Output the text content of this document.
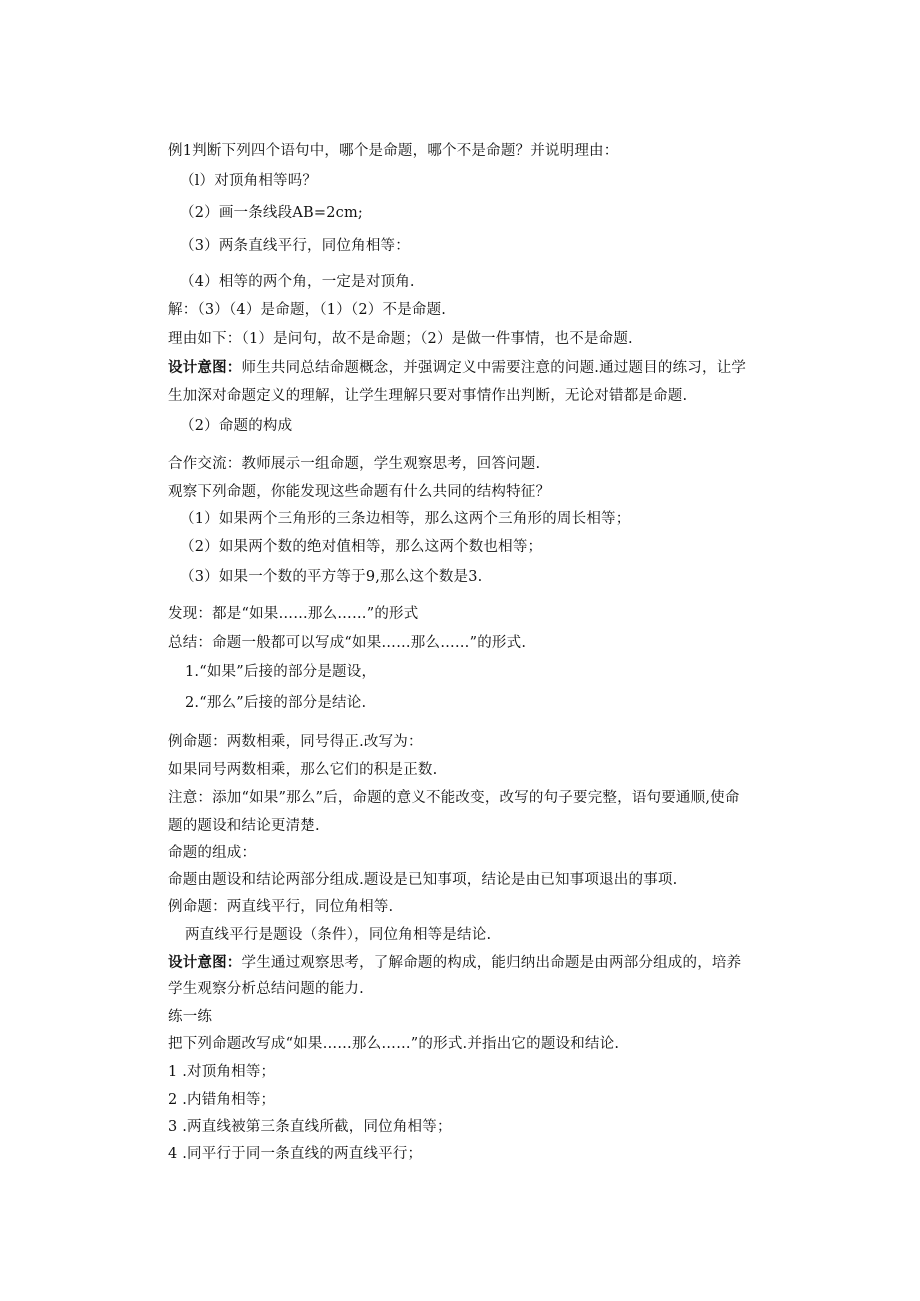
例1判断下列四个语句中，哪个是命题，哪个不是命题？并说明理由：
（l）对顶角相等吗？
（2）画一条线段AB=2cm;
（3）两条直线平行，同位角相等：
（4）相等的两个角，一定是对顶角.
解：（3）（4）是命题，（1）（2）不是命题.
理由如下：（1）是问句，故不是命题；（2）是做一件事情，也不是命题.
设计意图：师生共同总结命题概念，并强调定义中需要注意的问题.通过题目的练习，让学
生加深对命题定义的理解，让学生理解只要对事情作出判断，无论对错都是命题.
（2）命题的构成
合作交流：教师展示一组命题，学生观察思考，回答问题.
观察下列命题，你能发现这些命题有什么共同的结构特征？
（1）如果两个三角形的三条边相等，那么这两个三角形的周长相等；
（2）如果两个数的绝对值相等，那么这两个数也相等；
（3）如果一个数的平方等于9,那么这个数是3.
发现：都是“如果……那么……”的形式
总结：命题一般都可以写成“如果……那么……”的形式.
1.“如果”后接的部分是题设，
2.“那么”后接的部分是结论.
例命题：两数相乘，同号得正.改写为：
如果同号两数相乘，那么它们的积是正数.
注意：添加“如果”那么”后，命题的意义不能改变，改写的句子要完整，语句要通顺,使命
题的题设和结论更清楚.
命题的组成：
命题由题设和结论两部分组成.题设是已知事项，结论是由已知事项退出的事项.
例命题：两直线平行，同位角相等.
两直线平行是题设（条件），同位角相等是结论.
设计意图：学生通过观察思考，了解命题的构成，能归纳出命题是由两部分组成的，培养
学生观察分析总结问题的能力.
练一练
把下列命题改写成“如果……那么……”的形式.并指出它的题设和结论.
1 .对顶角相等；
2 .内错角相等；
3 .两直线被第三条直线所截，同位角相等；
4 .同平行于同一条直线的两直线平行；
